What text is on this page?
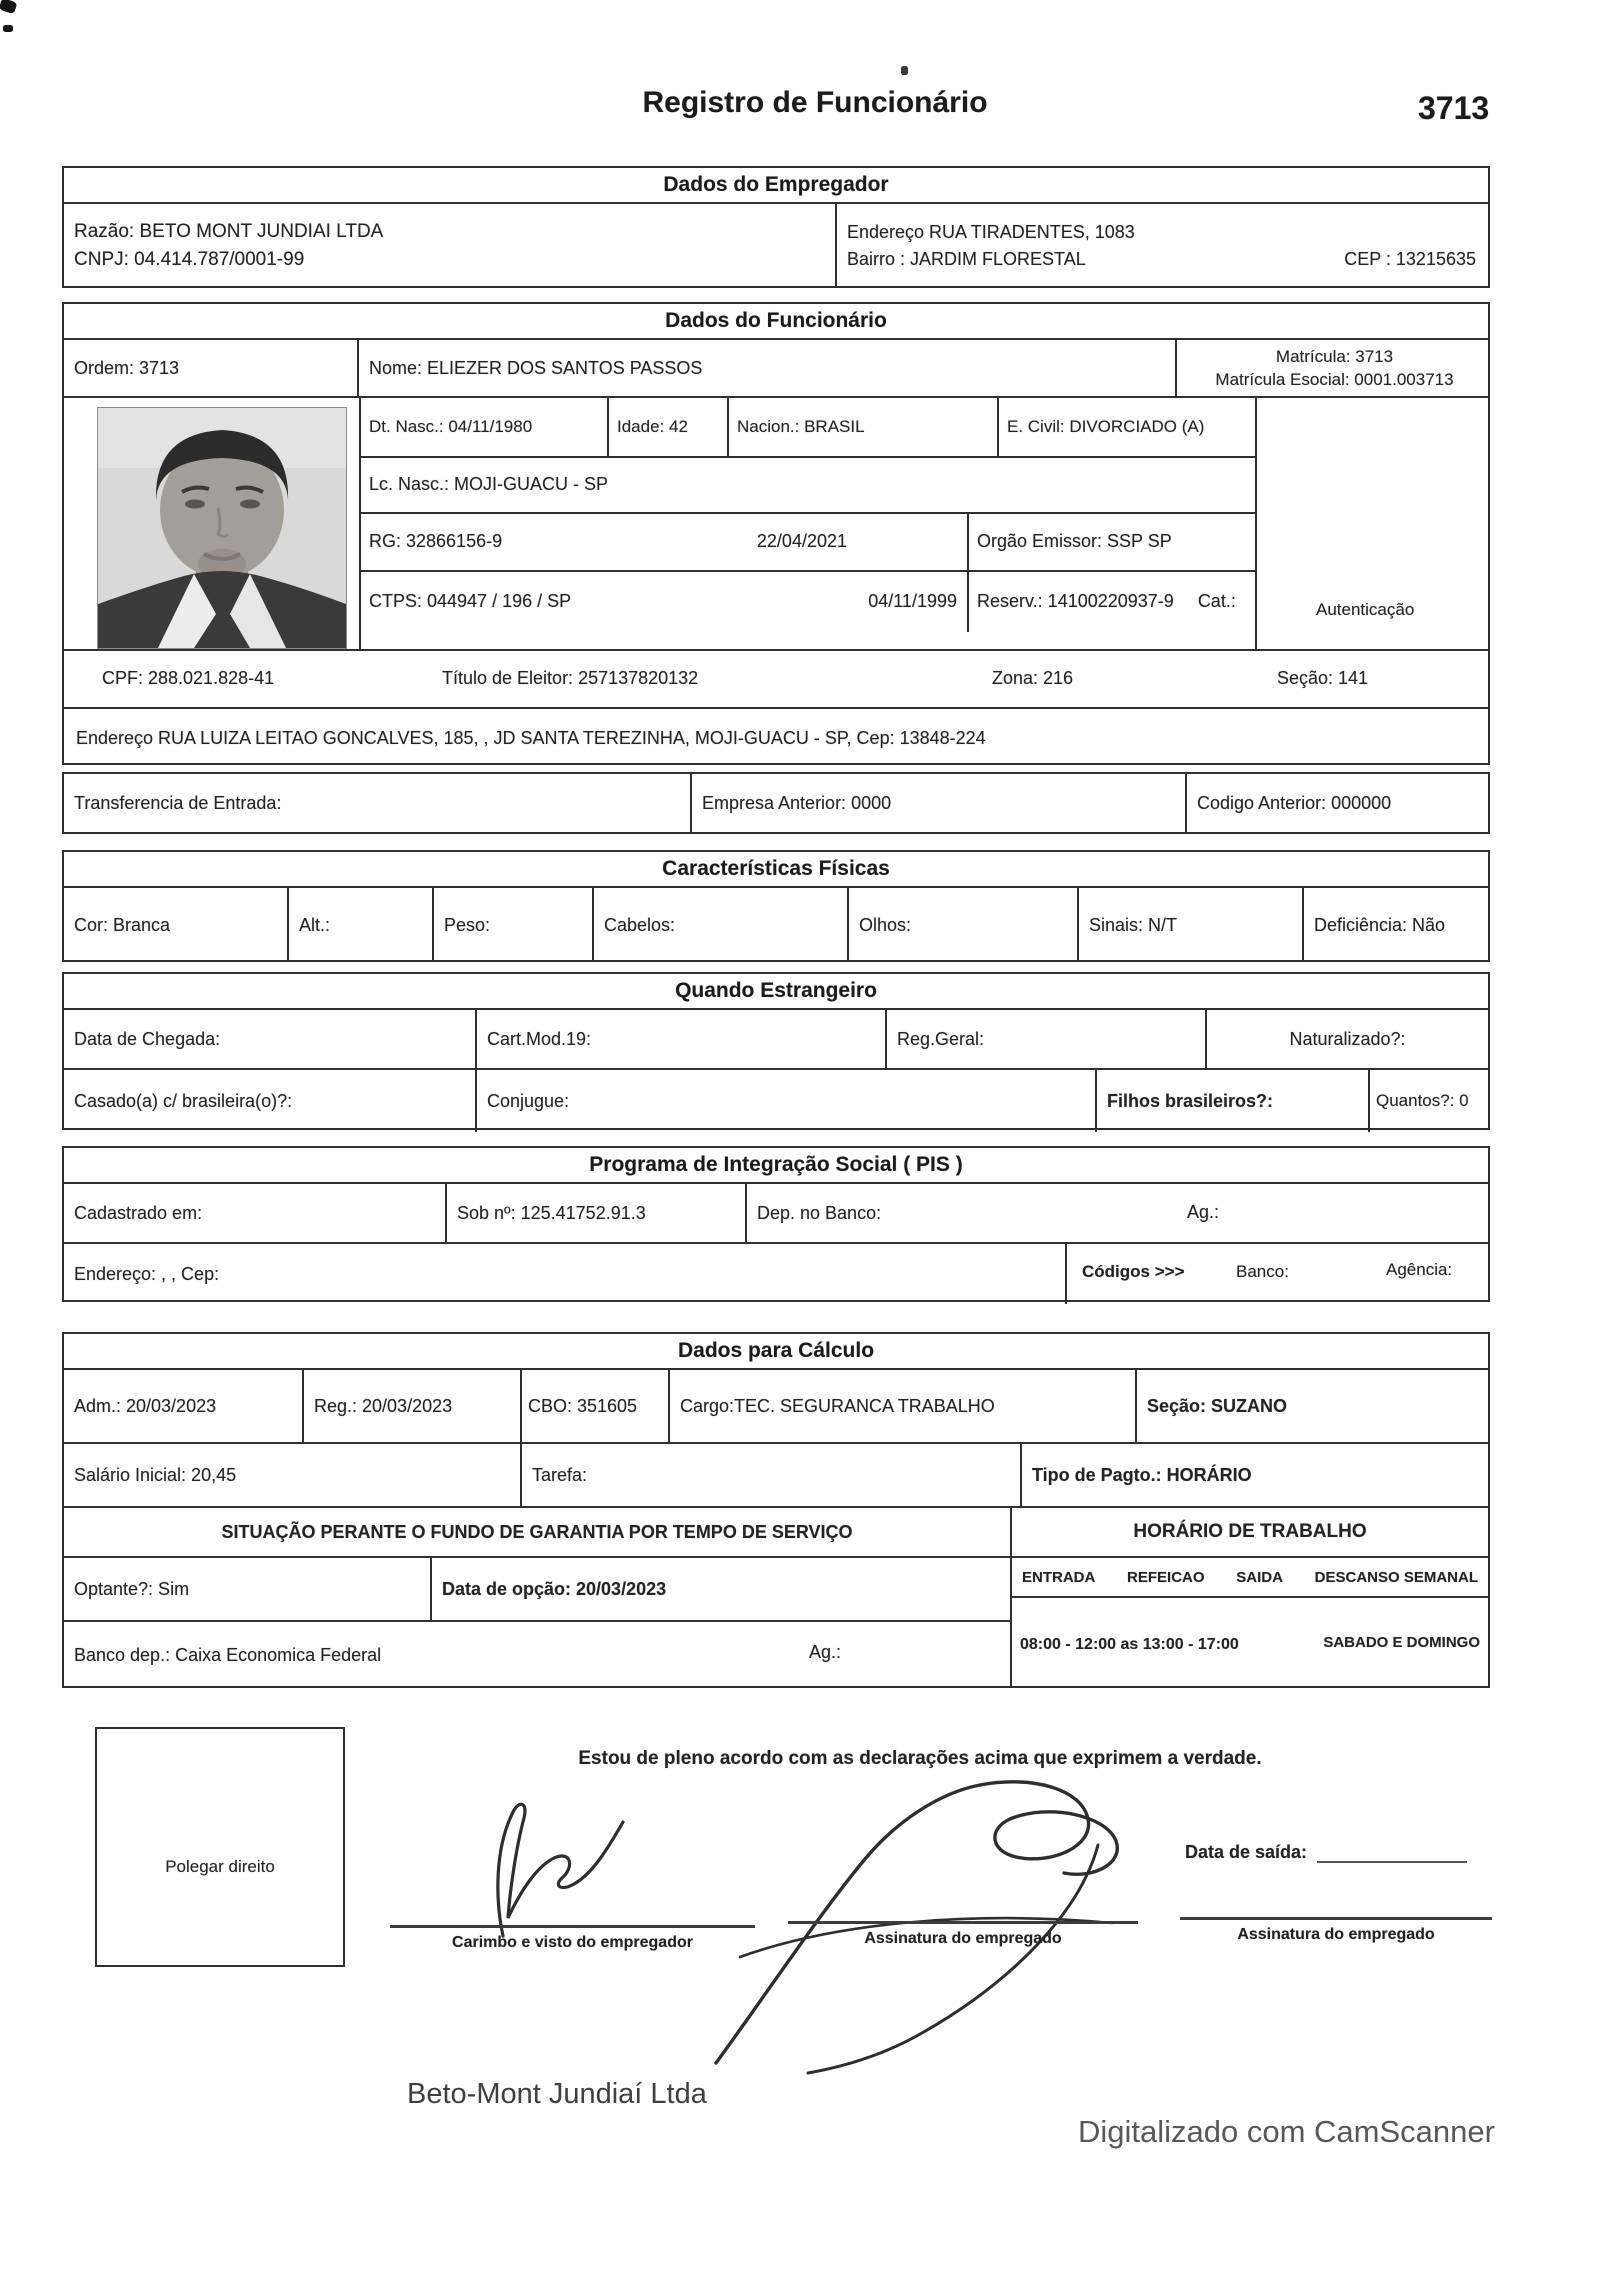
Registro de Funcionário	3713
Dados do Empregador
Razão: BETO MONT JUNDIAI LTDA
CNPJ: 04.414.787/0001-99
Endereço RUA TIRADENTES, 1083
Bairro : JARDIM FLORESTAL	CEP : 13215635
Dados do Funcionário
Ordem: 3713	Nome: ELIEZER DOS SANTOS PASSOS
Matrícula: 3713
Matrícula Esocial: 0001.003713
Dt. Nasc.: 04/11/1980	Idade: 42	Nacion.: BRASIL	E. Civil: DIVORCIADO (A)
Lc. Nasc.: MOJI-GUACU - SP
RG: 32866156-9	22/04/2021	Orgão Emissor: SSP SP
CTPS: 044947 / 196 / SP	04/11/1999 Reserv.: 14100220937-9 Cat.:	Autenticação
CPF: 288.021.828-41	Título de Eleitor: 257137820132	Zona: 216	Seção: 141
Endereço RUA LUIZA LEITAO GONCALVES, 185, , JD SANTA TEREZINHA, MOJI-GUACU - SP, Cep: 13848-224
Transferencia de Entrada:	Empresa Anterior: 0000	Codigo Anterior: 000000
Características Físicas
Cor: Branca	Alt.:	Peso:	Cabelos:	Olhos:	Sinais: N/T	Deficiência: Não
Quando Estrangeiro
Data de Chegada:	Cart.Mod.19:	Reg.Geral:	Naturalizado?:
Casado(a) c/ brasileira(o)?:	Conjugue:	Filhos brasileiros?:	Quantos?: 0
Programa de Integração Social ( PIS )
Cadastrado em:	Sob nº: 125.41752.91.3	Dep. no Banco:	Ag.:
Endereço: , , Cep:	Códigos >>>	Banco:	Agência:
Dados para Cálculo
Adm.: 20/03/2023	Reg.: 20/03/2023	CBO: 351605	Cargo:TEC. SEGURANCA TRABALHO	Seção: SUZANO
Salário Inicial: 20,45	Tarefa:	Tipo de Pagto.: HORÁRIO
SITUAÇÃO PERANTE O FUNDO DE GARANTIA POR TEMPO DE SERVIÇO
Optante?: Sim	Data de opção: 20/03/2023
Banco dep.: Caixa Economica Federal	Ag.:
HORÁRIO DE TRABALHO
ENTRADA REFEICAO SAIDA DESCANSO SEMANAL
08:00 - 12:00 as 13:00 - 17:00	SABADO E DOMINGO
Polegar direito
Estou de pleno acordo com as declarações acima que exprimem a verdade.
Data de saída:
Carimbo e visto do empregador	Assinatura do empregado	Assinatura do empregado
Beto-Mont Jundiaí Ltda
Digitalizado com CamScanner
